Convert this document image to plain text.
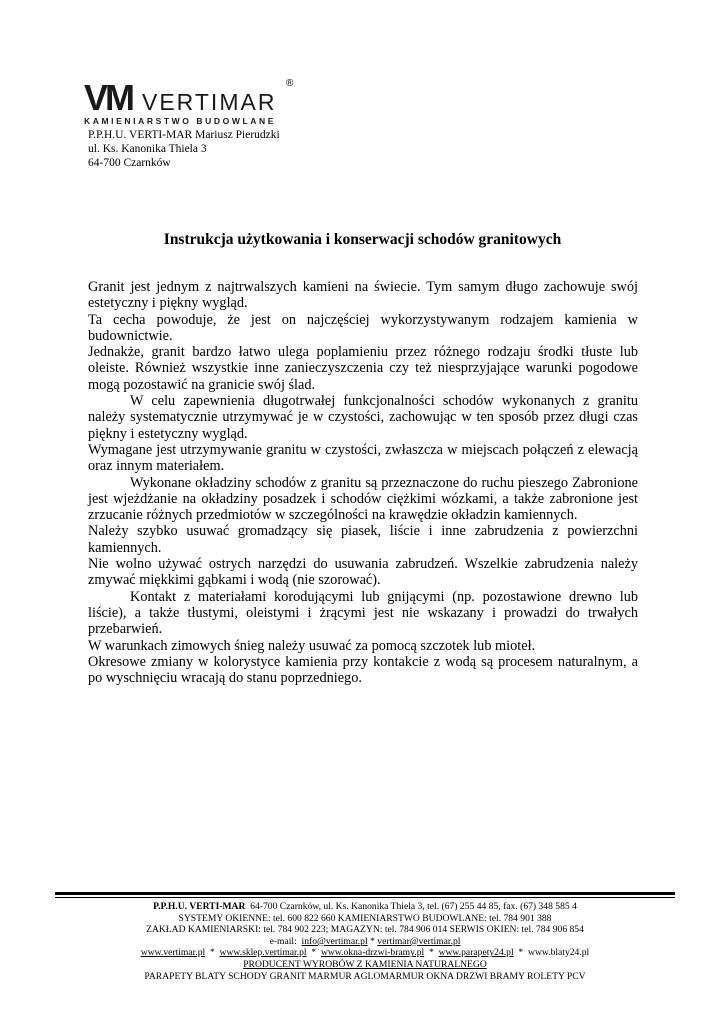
VM VERTIMAR
®
KAMIENIARSTWO BUDOWLANE
P.P.H.U. VERTI-MAR Mariusz Pierudzki
ul. Ks. Kanonika Thiela 3
64-700 Czarnków
Instrukcja użytkowania i konserwacji schodów granitowych

Granit jest jednym z najtrwalszych kamieni na świecie. Tym samym długo zachowuje swój estetyczny i piękny wygląd.

Ta cecha powoduje, że jest on najczęściej wykorzystywanym rodzajem kamienia w budownictwie.

Jednakże, granit bardzo łatwo ulega poplamieniu przez różnego rodzaju środki tłuste lub oleiste. Również wszystkie inne zanieczyszczenia czy też niesprzyjające warunki pogodowe mogą pozostawić na granicie swój ślad.

W celu zapewnienia długotrwałej funkcjonalności schodów wykonanych z granitu należy systematycznie utrzymywać je w czystości, zachowując w ten sposób przez długi czas piękny i estetyczny wygląd.

Wymagane jest utrzymywanie granitu w czystości, zwłaszcza w miejscach połączeń z elewacją oraz innym materiałem.

Wykonane okładziny schodów z granitu są przeznaczone do ruchu pieszego Zabronione jest wjeżdżanie na okładziny posadzek i schodów ciężkimi wózkami, a także zabronione jest zrzucanie różnych przedmiotów w szczególności na krawędzie okładzin kamiennych.

Należy szybko usuwać gromadzący się piasek, liście i inne zabrudzenia z powierzchni kamiennych.

Nie wolno używać ostrych narzędzi do usuwania zabrudzeń. Wszelkie zabrudzenia należy zmywać miękkimi gąbkami i wodą (nie szorować).

Kontakt z materiałami korodującymi lub gnijącymi (np. pozostawione drewno lub liście), a także tłustymi, oleistymi i żrącymi jest nie wskazany i prowadzi do trwałych przebarwień.

W warunkach zimowych śnieg należy usuwać za pomocą szczotek lub mioteł.

Okresowe zmiany w kolorystyce kamienia przy kontakcie z wodą są procesem naturalnym, a po wyschnięciu wracają do stanu poprzedniego.

P.P.H.U. VERTI-MAR 64-700 Czarnków, ul. Ks. Kanonika Thiela 3, tel. (67) 255 44 85, fax. (67) 348 585 4
SYSTEMY OKIENNE: tel. 600 822 660 KAMIENIARSTWO BUDOWLANE: tel. 784 901 388
ZAKŁAD KAMIENIARSKI: tel. 784 902 223; MAGAZYN: tel. 784 906 014 SERWIS OKIEN: tel. 784 906 854
e-mail: info@vertimar.pl * vertimar@vertimar.pl
www.vertimar.pl * www.sklep.vertimar.pl * www.okna-drzwi-bramy.pl * www.parapety24.pl * www.blaty24.pl
PRODUCENT WYROBÓW Z KAMIENIA NATURALNEGO
PARAPETY BLATY SCHODY GRANIT MARMUR AGLOMARMUR OKNA DRZWI BRAMY ROLETY PCV
